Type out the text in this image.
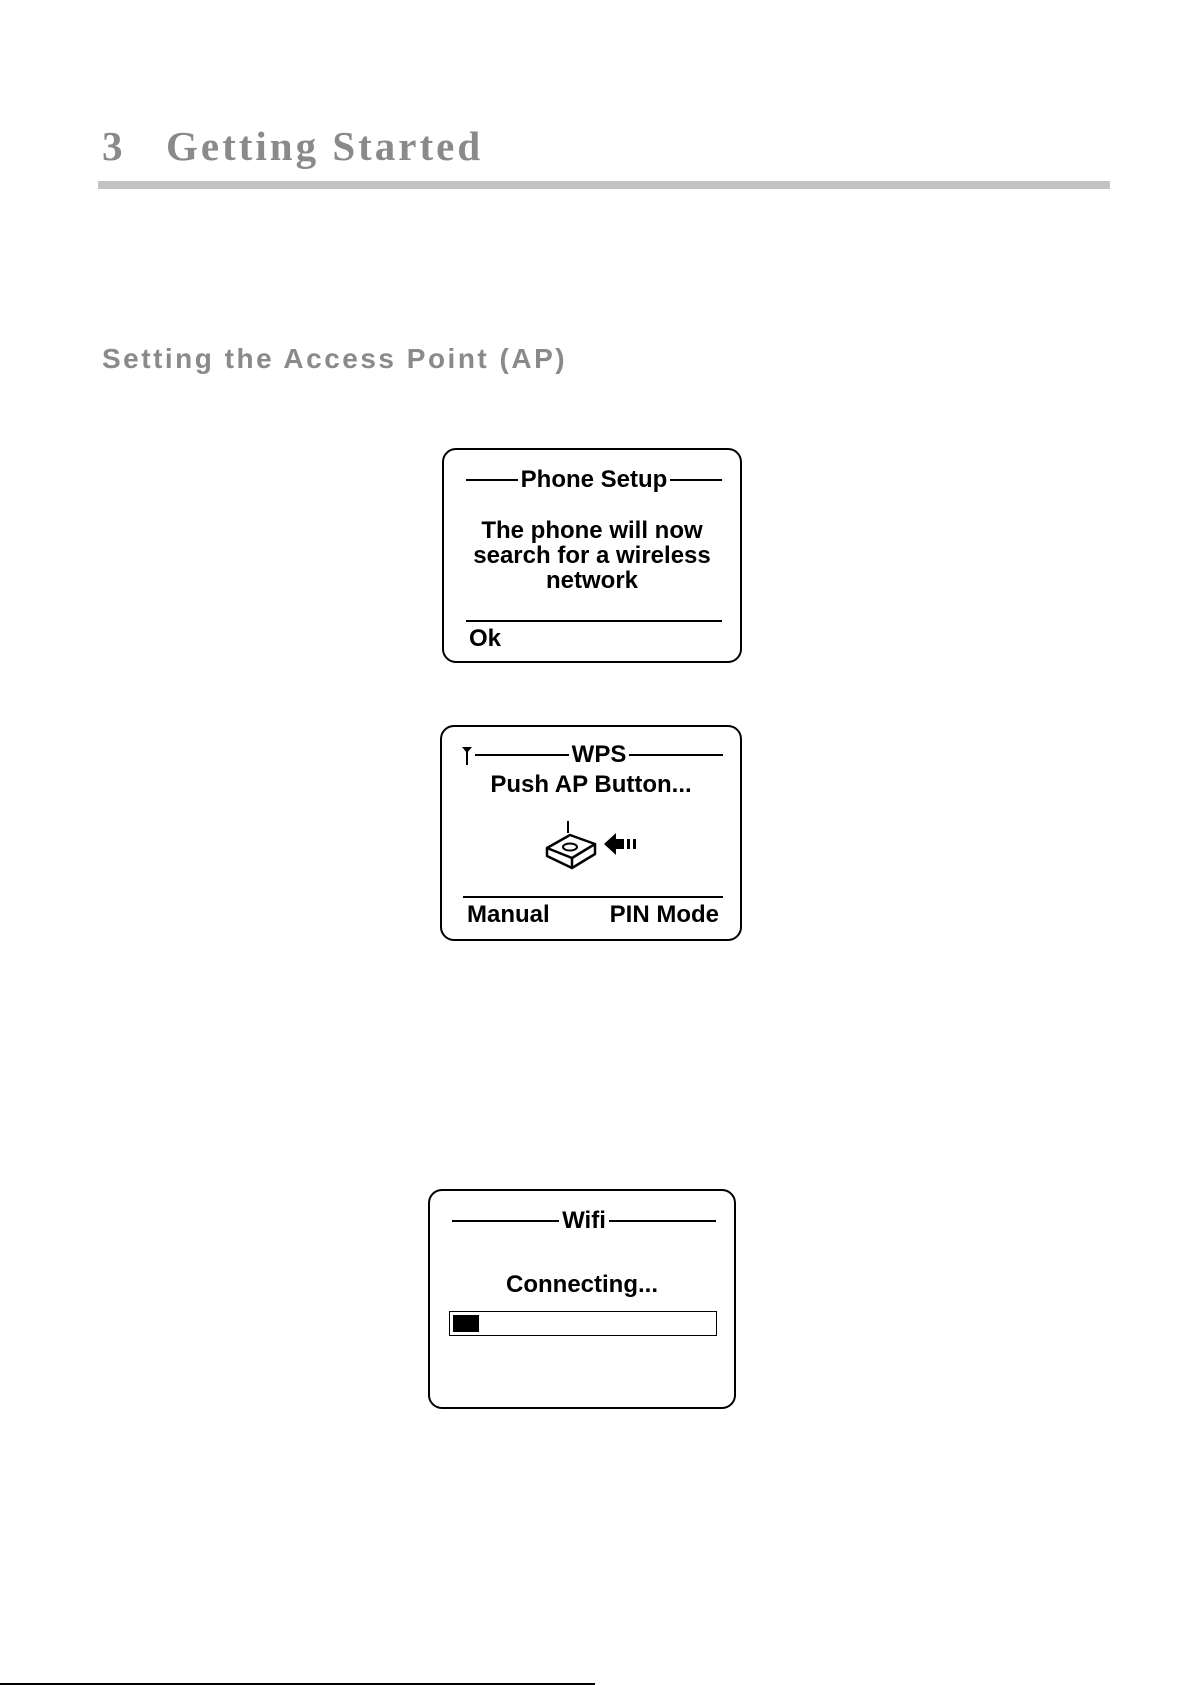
3 Getting Started
Setting the Access Point (AP)
Phone Setup
The phone will now
search for a wireless
network
Ok
WPS
Push AP Button...
Manual PIN Mode
Wifi
Connecting...
